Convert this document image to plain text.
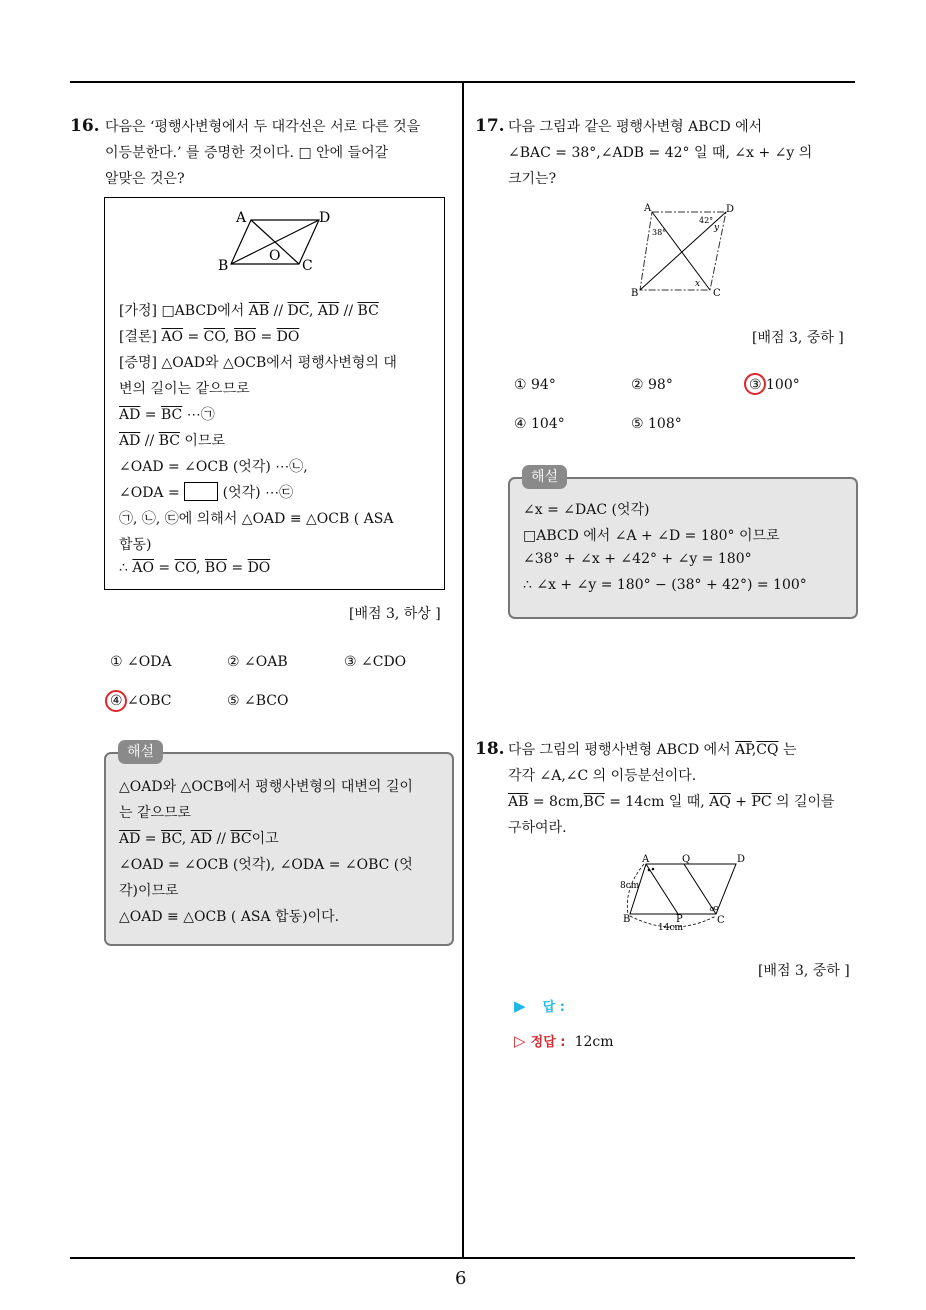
6
16. 다음은 ‘평행사변형에서 두 대각선은 서로 다른 것을
이등분한다.’ 를 증명한 것이다. □ 안에 들어갈
알맞은 것은?
A	D
B	C
O
[가정] □ABCD에서 $\overline{AB} // \overline{DC}$, $\overline{AD} // \overline{BC}$
[결론] $\overline{AO} = \overline{CO}$, $\overline{BO} = \overline{DO}$
[증명] △OAD와 △OCB에서 평행사변형의 대
변의 길이는 같으므로
$\overline{AD} = \overline{BC}$ ⋯㉠
$\overline{AD} // \overline{BC}$ 이므로
∠OAD = ∠OCB (엇각) ⋯㉡,
∠ODA =	(엇각) ⋯㉢
㉠, ㉡, ㉢에 의해서 △OAD ≡ △OCB ( ASA
합동)
∴ $\overline{AO} = \overline{CO}$, $\overline{BO} = \overline{DO}$
[배점 3, 하상 ]
① ∠ODA	② ∠OAB	③ ∠CDO
④ ∠OBC	⑤ ∠BCO
△OAD와 △OCB에서 평행사변형의 대변의 길이
는 같으므로
$\overline{AD} = \overline{BC}$, $\overline{AD} // \overline{BC}$이고
∠OAD = ∠OCB (엇각), ∠ODA = ∠OBC (엇
각)이므로
△OAD ≡ △OCB ( ASA 합동)이다.
해설
17. 다음 그림과 같은 평행사변형 ABCD 에서
∠BAC = 38°,∠ADB = 42° 일 때, ∠x + ∠y 의
크기는?
A	D
B	C
38°
42°
y
x
[배점 3, 중하 ]
① 94°	② 98°	③ 100°
④ 104°	⑤ 108°
∠x = ∠DAC (엇각)
□ABCD 에서 ∠A + ∠D = 180° 이므로
∠38° + ∠x + ∠42° + ∠y = 180°
∴ ∠x + ∠y = 180° − (38° + 42°) = 100°
해설
18. 다음 그림의 평행사변형 ABCD 에서 $\overline{AP},\overline{CQ}$ 는
각각 ∠A,∠C 의 이등분선이다.
$\overline{AB} = 8cm,\overline{BC} = 14cm$ 일 때, $\overline{AQ} + \overline{PC}$ 의 길이를
구하여라.
A	Q	D
B	P	C
8cm
14cm
[배점 3, 중하 ]
▶ 답 :
▷ 정답 : 12cm
